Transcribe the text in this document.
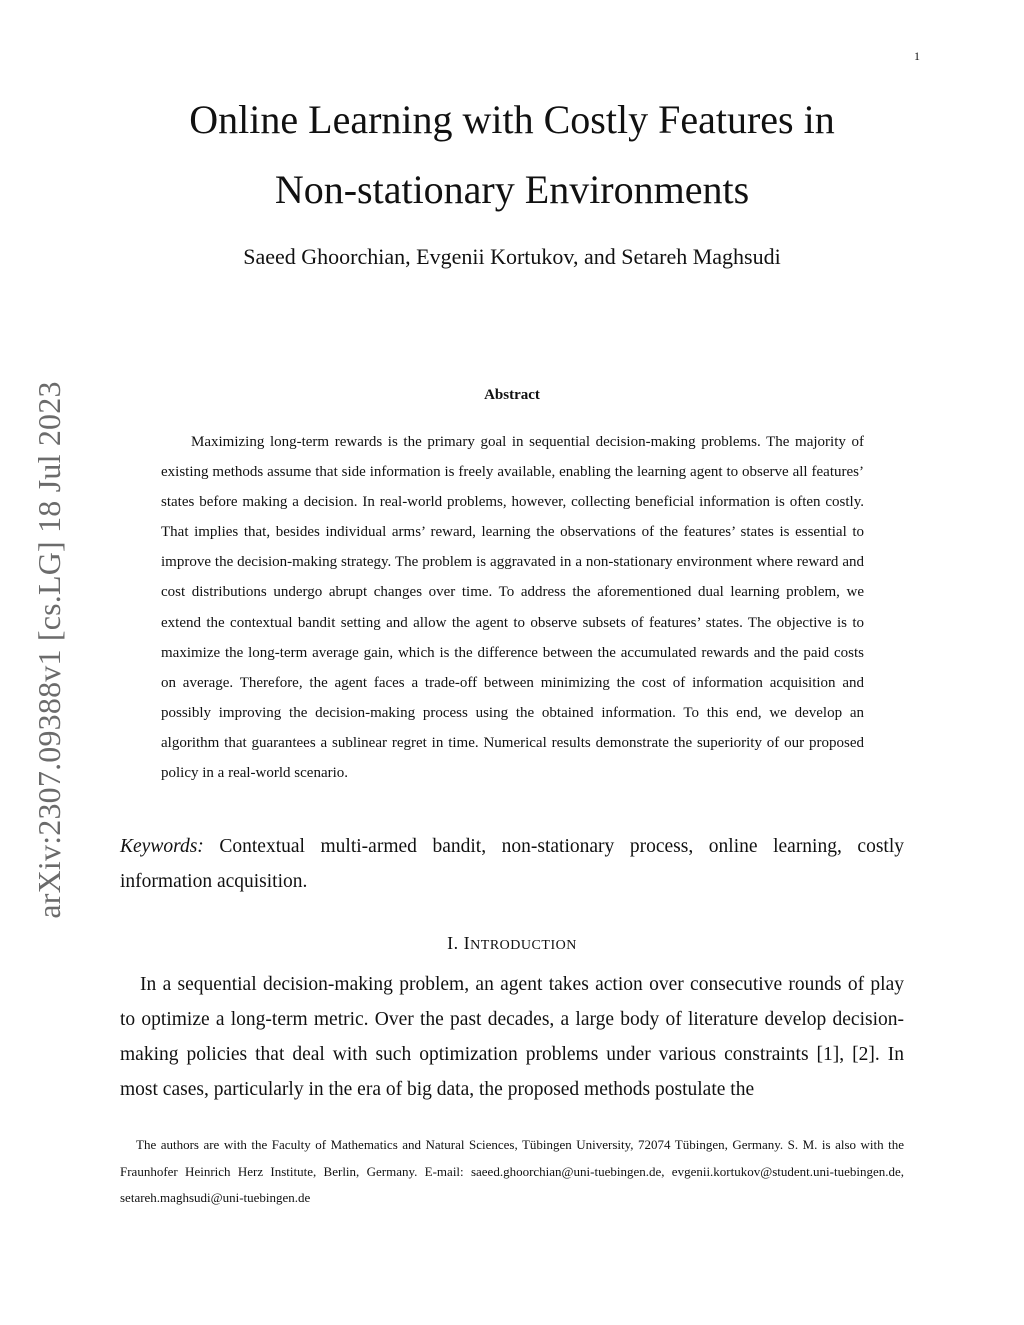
1
Online Learning with Costly Features in
Non-stationary Environments
Saeed Ghoorchian, Evgenii Kortukov, and Setareh Maghsudi
arXiv:2307.09388v1 [cs.LG] 18 Jul 2023	Abstract

Maximizing long-term rewards is the primary goal in sequential decision-making problems. The majority of existing methods assume that side information is freely available, enabling the learning agent to observe all features’ states before making a decision. In real-world problems, however, collecting beneficial information is often costly. That implies that, besides individual arms’ reward, learning the observations of the features’ states is essential to improve the decision-making strategy. The problem is aggravated in a non-stationary environment where reward and cost distributions undergo abrupt changes over time. To address the aforementioned dual learning problem, we extend the contextual bandit setting and allow the agent to observe subsets of features’ states. The objective is to maximize the long-term average gain, which is the difference between the accumulated rewards and the paid costs on average. Therefore, the agent faces a trade-off between minimizing the cost of information acquisition and possibly improving the decision-making process using the obtained information. To this end, we develop an algorithm that guarantees a sublinear regret in time. Numerical results demonstrate the superiority of our proposed policy in a real-world scenario.

Keywords: Contextual multi-armed bandit, non-stationary process, online learning, costly information acquisition.

I. INTRODUCTION

In a sequential decision-making problem, an agent takes action over consecutive rounds of play to optimize a long-term metric. Over the past decades, a large body of literature develop decision-making policies that deal with such optimization problems under various constraints [1], [2]. In most cases, particularly in the era of big data, the proposed methods postulate the

The authors are with the Faculty of Mathematics and Natural Sciences, Tübingen University, 72074 Tübingen, Germany. S. M. is also with the Fraunhofer Heinrich Herz Institute, Berlin, Germany. E-mail: saeed.ghoorchian@uni-tuebingen.de, evgenii.kortukov@student.uni-tuebingen.de, setareh.maghsudi@uni-tuebingen.de
